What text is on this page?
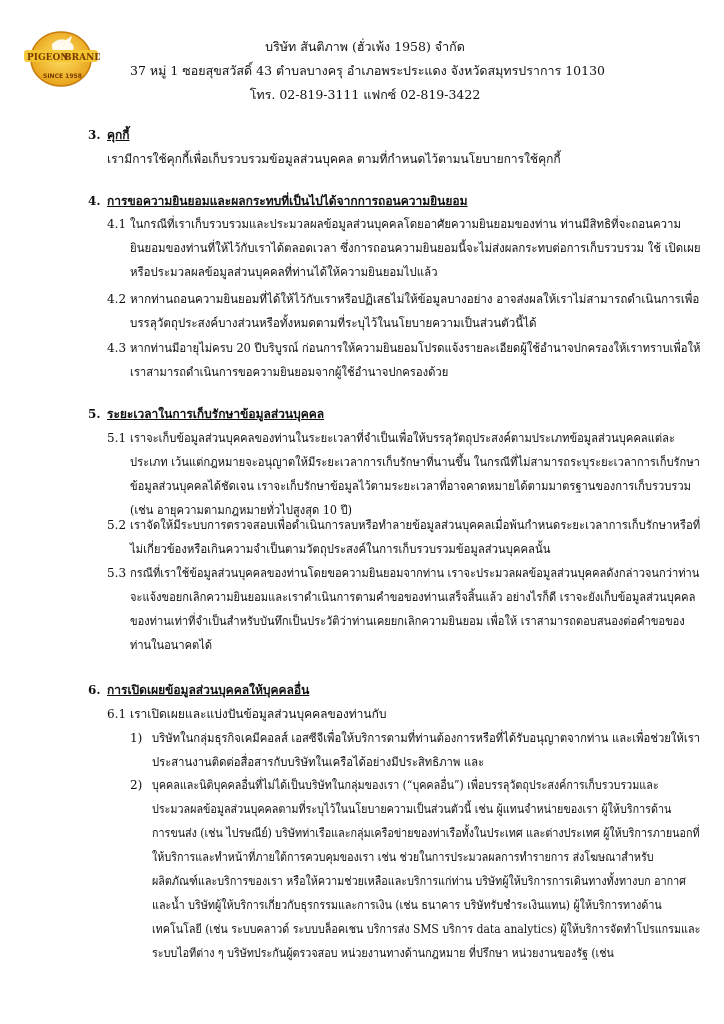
PIGEON
BRAND
SINCE 1958
บริษัท สันติภาพ (ฮั่วเพ้ง 1958) จำกัด
37 หมู่ 1 ซอยสุขสวัสดิ์ 43 ตำบลบางครุ อำเภอพระประแดง จังหวัดสมุทรปราการ 10130
โทร. 02-819-3111 แฟกซ์ 02-819-3422
3. คุกกี้
เรามีการใช้คุกกี้เพื่อเก็บรวบรวมข้อมูลส่วนบุคคล ตามที่กำหนดไว้ตามนโยบายการใช้คุกกี้
4. การขอความยินยอมและผลกระทบที่เป็นไปได้จากการถอนความยินยอม
4.1 ในกรณีที่เราเก็บรวบรวมและประมวลผลข้อมูลส่วนบุคคลโดยอาศัยความยินยอมของท่าน ท่านมีสิทธิที่จะถอนความ
ยินยอมของท่านที่ให้ไว้กับเราได้ตลอดเวลา ซึ่งการถอนความยินยอมนี้จะไม่ส่งผลกระทบต่อการเก็บรวบรวม ใช้ เปิดเผย
หรือประมวลผลข้อมูลส่วนบุคคลที่ท่านได้ให้ความยินยอมไปแล้ว
4.2 หากท่านถอนความยินยอมที่ได้ให้ไว้กับเราหรือปฏิเสธไม่ให้ข้อมูลบางอย่าง อาจส่งผลให้เราไม่สามารถดำเนินการเพื่อ
บรรลุวัตถุประสงค์บางส่วนหรือทั้งหมดตามที่ระบุไว้ในนโยบายความเป็นส่วนตัวนี้ได้
4.3 หากท่านมีอายุไม่ครบ 20 ปีบริบูรณ์ ก่อนการให้ความยินยอมโปรดแจ้งรายละเอียดผู้ใช้อำนาจปกครองให้เราทราบเพื่อให้
เราสามารถดำเนินการขอความยินยอมจากผู้ใช้อำนาจปกครองด้วย
5. ระยะเวลาในการเก็บรักษาข้อมูลส่วนบุคคล
5.1 เราจะเก็บข้อมูลส่วนบุคคลของท่านในระยะเวลาที่จำเป็นเพื่อให้บรรลุวัตถุประสงค์ตามประเภทข้อมูลส่วนบุคคลแต่ละ
ประเภท เว้นแต่กฎหมายจะอนุญาตให้มีระยะเวลาการเก็บรักษาที่นานขึ้น ในกรณีที่ไม่สามารถระบุระยะเวลาการเก็บรักษา
ข้อมูลส่วนบุคคลได้ชัดเจน เราจะเก็บรักษาข้อมูลไว้ตามระยะเวลาที่อาจคาดหมายได้ตามมาตรฐานของการเก็บรวบรวม
(เช่น อายุความตามกฎหมายทั่วไปสูงสุด 10 ปี)
5.2 เราจัดให้มีระบบการตรวจสอบเพื่อดำเนินการลบหรือทำลายข้อมูลส่วนบุคคลเมื่อพ้นกำหนดระยะเวลาการเก็บรักษาหรือที่
ไม่เกี่ยวข้องหรือเกินความจำเป็นตามวัตถุประสงค์ในการเก็บรวบรวมข้อมูลส่วนบุคคลนั้น
5.3 กรณีที่เราใช้ข้อมูลส่วนบุคคลของท่านโดยขอความยินยอมจากท่าน เราจะประมวลผลข้อมูลส่วนบุคคลดังกล่าวจนกว่าท่าน
จะแจ้งขอยกเลิกความยินยอมและเราดำเนินการตามคำขอของท่านเสร็จสิ้นแล้ว อย่างไรก็ดี เราจะยังเก็บข้อมูลส่วนบุคคล
ของท่านเท่าที่จำเป็นสำหรับบันทึกเป็นประวัติว่าท่านเคยยกเลิกความยินยอม เพื่อให้ เราสามารถตอบสนองต่อคำขอของ
ท่านในอนาคตได้
6. การเปิดเผยข้อมูลส่วนบุคคลให้บุคคลอื่น
6.1 เราเปิดเผยและแบ่งปันข้อมูลส่วนบุคคลของท่านกับ
1) บริษัทในกลุ่มธุรกิจเคมีคอลส์ เอสซีจีเพื่อให้บริการตามที่ท่านต้องการหรือที่ได้รับอนุญาตจากท่าน และเพื่อช่วยให้เรา
ประสานงานติดต่อสื่อสารกับบริษัทในเครือได้อย่างมีประสิทธิภาพ และ
2) บุคคลและนิติบุคคลอื่นที่ไม่ได้เป็นบริษัทในกลุ่มของเรา (“บุคคลอื่น”) เพื่อบรรลุวัตถุประสงค์การเก็บรวบรวมและ
ประมวลผลข้อมูลส่วนบุคคลตามที่ระบุไว้ในนโยบายความเป็นส่วนตัวนี้ เช่น ผู้แทนจำหน่ายของเรา ผู้ให้บริการด้าน
การขนส่ง (เช่น ไปรษณีย์) บริษัทท่าเรือและกลุ่มเครือข่ายของท่าเรือทั้งในประเทศ และต่างประเทศ ผู้ให้บริการภายนอกที่
ให้บริการและทำหน้าที่ภายใต้การควบคุมของเรา เช่น ช่วยในการประมวลผลการทำรายการ ส่งโฆษณาสำหรับ
ผลิตภัณฑ์และบริการของเรา หรือให้ความช่วยเหลือและบริการแก่ท่าน บริษัทผู้ให้บริการการเดินทางทั้งทางบก อากาศ
และน้ำ บริษัทผู้ให้บริการเกี่ยวกับธุรกรรมและการเงิน (เช่น ธนาคาร บริษัทรับชำระเงินแทน) ผู้ให้บริการทางด้าน
เทคโนโลยี (เช่น ระบบคลาวด์ ระบบบล็อคเชน บริการส่ง SMS บริการ data analytics) ผู้ให้บริการจัดทำโปรแกรมและ
ระบบไอทีต่าง ๆ บริษัทประกันผู้ตรวจสอบ หน่วยงานทางด้านกฎหมาย ที่ปรึกษา หน่วยงานของรัฐ (เช่น
